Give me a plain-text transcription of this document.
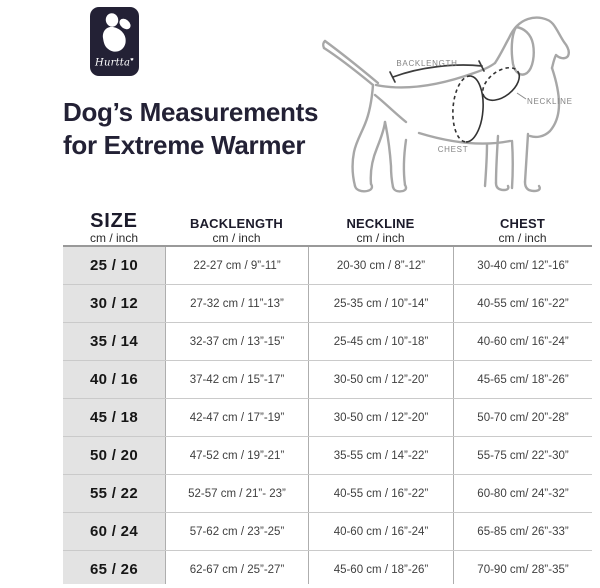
Hurtta♥
Dog’s Measurements
for Extreme Warmer
BACKLENGTH
NECKLINE
CHEST
SIZE
cm / inch
BACKLENGTH
cm / inch
NECKLINE
cm / inch
CHEST
cm / inch
25 / 10	22-27 cm / 9”-11”	20-30 cm / 8”-12”	30-40 cm/ 12”-16”
30 / 12	27-32 cm / 11”-13”	25-35 cm / 10”-14”	40-55 cm/ 16”-22”
35 / 14	32-37 cm / 13”-15”	25-45 cm / 10”-18”	40-60 cm/ 16”-24”
40 / 16	37-42 cm / 15”-17”	30-50 cm / 12”-20”	45-65 cm/ 18”-26”
45 / 18	42-47 cm / 17”-19”	30-50 cm / 12”-20”	50-70 cm/ 20”-28”
50 / 20	47-52 cm / 19”-21”	35-55 cm / 14”-22”	55-75 cm/ 22”-30”
55 / 22	52-57 cm / 21”- 23”	40-55 cm / 16”-22”	60-80 cm/ 24”-32”
60 / 24	57-62 cm / 23”-25”	40-60 cm / 16”-24”	65-85 cm/ 26”-33”
65 / 26	62-67 cm / 25”-27”	45-60 cm / 18”-26”	70-90 cm/ 28”-35”
